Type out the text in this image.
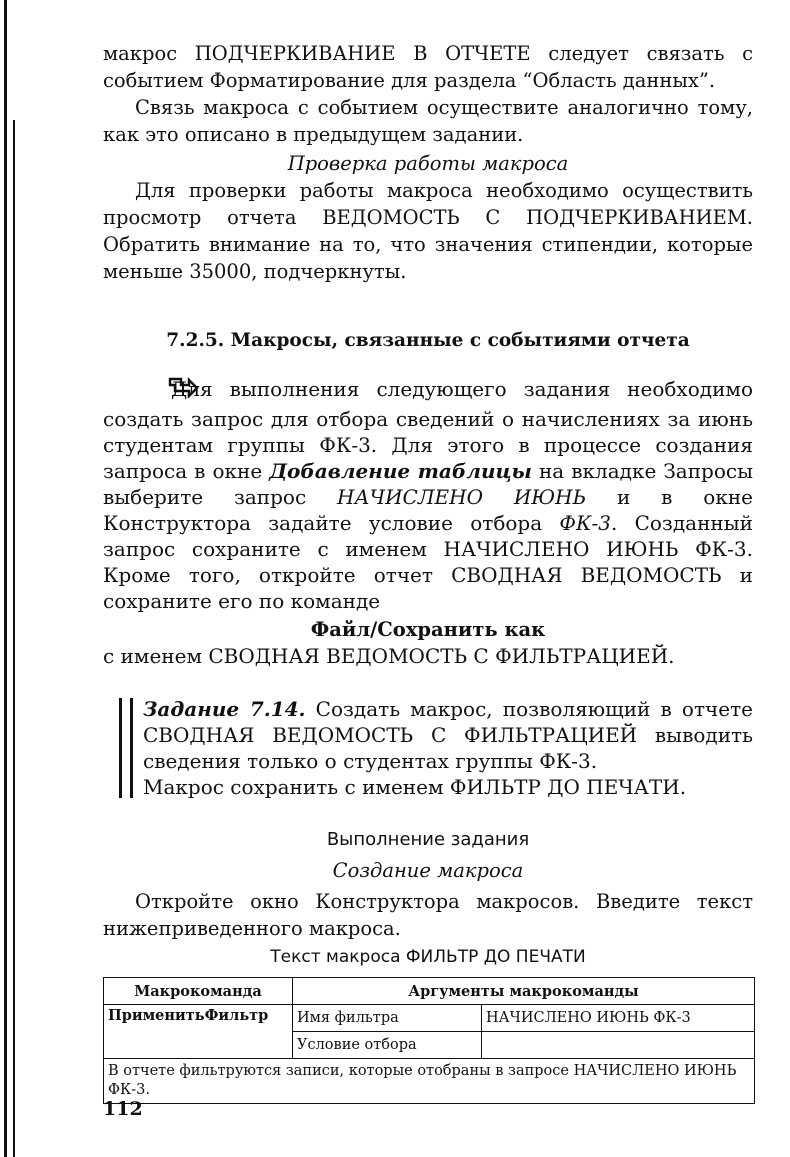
макрос ПОДЧЕРКИВАНИЕ В ОТЧЕТЕ следует связать с событием Форматирование для раздела “Область данных”.

Связь макроса с событием осуществите аналогично тому, как это описано в предыдущем задании.

Проверка работы макроса

Для проверки работы макроса необходимо осуществить просмотр отчета ВЕДОМОСТЬ С ПОДЧЕРКИВАНИЕМ. Обратить внимание на то, что значения стипендии, которые меньше 35000, подчеркнуты.

7.2.5. Макросы, связанные с событиями отчета

Для выполнения следующего задания необходимо создать запрос для отбора сведений о начислениях за июнь студентам группы ФК-3. Для этого в процессе создания запроса в окне Добавление таблицы на вкладке Запросы выберите запрос НАЧИСЛЕНО ИЮНЬ и в окне Конструктора задайте условие отбора ФК-3. Созданный запрос сохраните с именем НАЧИСЛЕНО ИЮНЬ ФК-3. Кроме того, откройте отчет СВОДНАЯ ВЕДОМОСТЬ и сохраните его по команде

Файл/Сохранить как

с именем СВОДНАЯ ВЕДОМОСТЬ С ФИЛЬТРАЦИЕЙ.

Задание 7.14. Создать макрос, позволяющий в отчете СВОДНАЯ ВЕДОМОСТЬ С ФИЛЬТРАЦИЕЙ выводить сведения только о студентах группы ФК-3.

Макрос сохранить с именем ФИЛЬТР ДО ПЕЧАТИ.

Выполнение задания

Создание макроса

Откройте окно Конструктора макросов. Введите текст нижеприведенного макроса.

Текст макроса ФИЛЬТР ДО ПЕЧАТИ

Макрокоманда	Аргументы макрокоманды	
ПрименитьФильтр	Имя фильтра	НАЧИСЛЕНО ИЮНЬ ФК-3
	Условие отбора	
В отчете фильтруются записи, которые отобраны в запросе НАЧИСЛЕНО ИЮНЬ ФК-3.		
112
